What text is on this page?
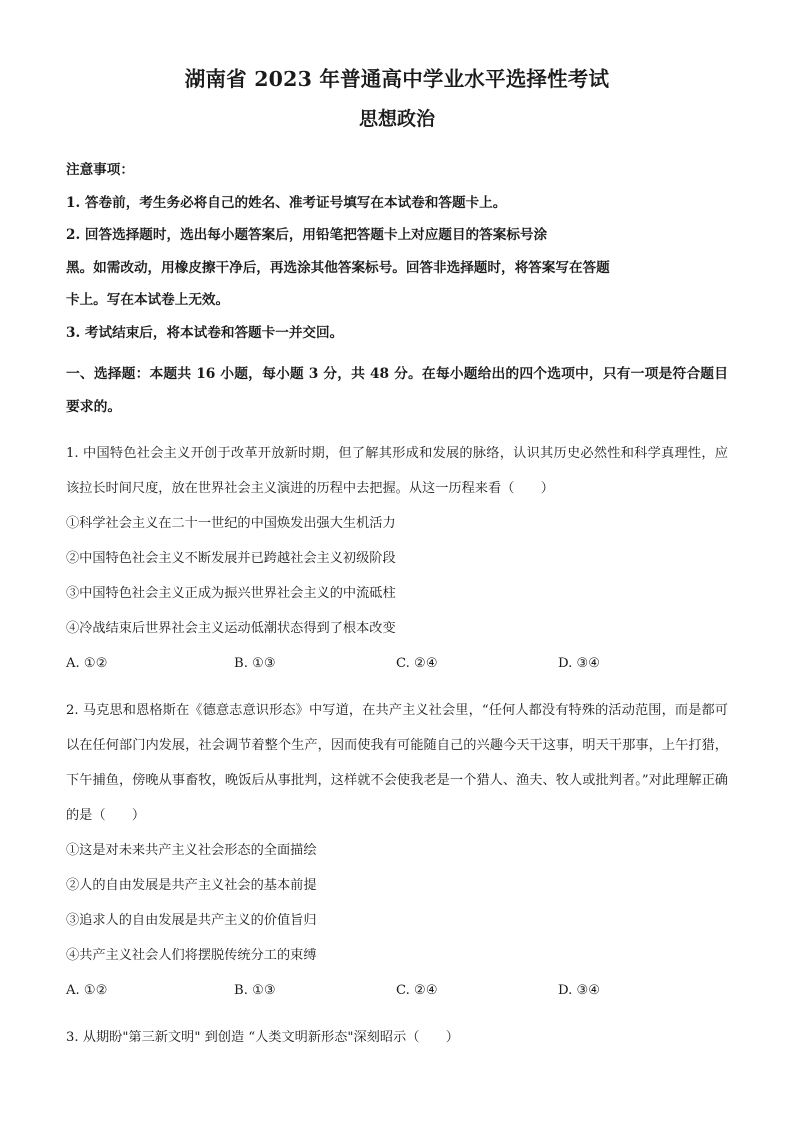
湖南省 2023 年普通高中学业水平选择性考试
思想政治

注意事项：

1. 答卷前，考生务必将自己的姓名、准考证号填写在本试卷和答题卡上。

2. 回答选择题时，选出每小题答案后，用铅笔把答题卡上对应题目的答案标号涂

黑。如需改动，用橡皮擦干净后，再选涂其他答案标号。回答非选择题时，将答案写在答题

卡上。写在本试卷上无效。

3. 考试结束后，将本试卷和答题卡一并交回。

一、选择题：本题共 16 小题，每小题 3 分，共 48 分。在每小题给出的四个选项中，只有一项是符合题目要求的。

1. 中国特色社会主义开创于改革开放新时期，但了解其形成和发展的脉络，认识其历史必然性和科学真理性，应该拉长时间尺度，放在世界社会主义演进的历程中去把握。从这一历程来看（　　）

①科学社会主义在二十一世纪的中国焕发出强大生机活力

②中国特色社会主义不断发展并已跨越社会主义初级阶段

③中国特色社会主义正成为振兴世界社会主义的中流砥柱

④冷战结束后世界社会主义运动低潮状态得到了根本改变

A. ①②	B. ①③	C. ②④	D. ③④

2. 马克思和恩格斯在《德意志意识形态》中写道，在共产主义社会里，“任何人都没有特殊的活动范围，而是都可以在任何部门内发展，社会调节着整个生产，因而使我有可能随自己的兴趣今天干这事，明天干那事，上午打猎，下午捕鱼，傍晚从事畜牧，晚饭后从事批判，这样就不会使我老是一个猎人、渔夫、牧人或批判者。”对此理解正确的是（　　）

①这是对未来共产主义社会形态的全面描绘

②人的自由发展是共产主义社会的基本前提

③追求人的自由发展是共产主义的价值旨归

④共产主义社会人们将摆脱传统分工的束缚

A. ①②	B. ①③	C. ②④	D. ③④

3. 从期盼"第三新文明" 到创造 “人类文明新形态"深刻昭示（　　）
